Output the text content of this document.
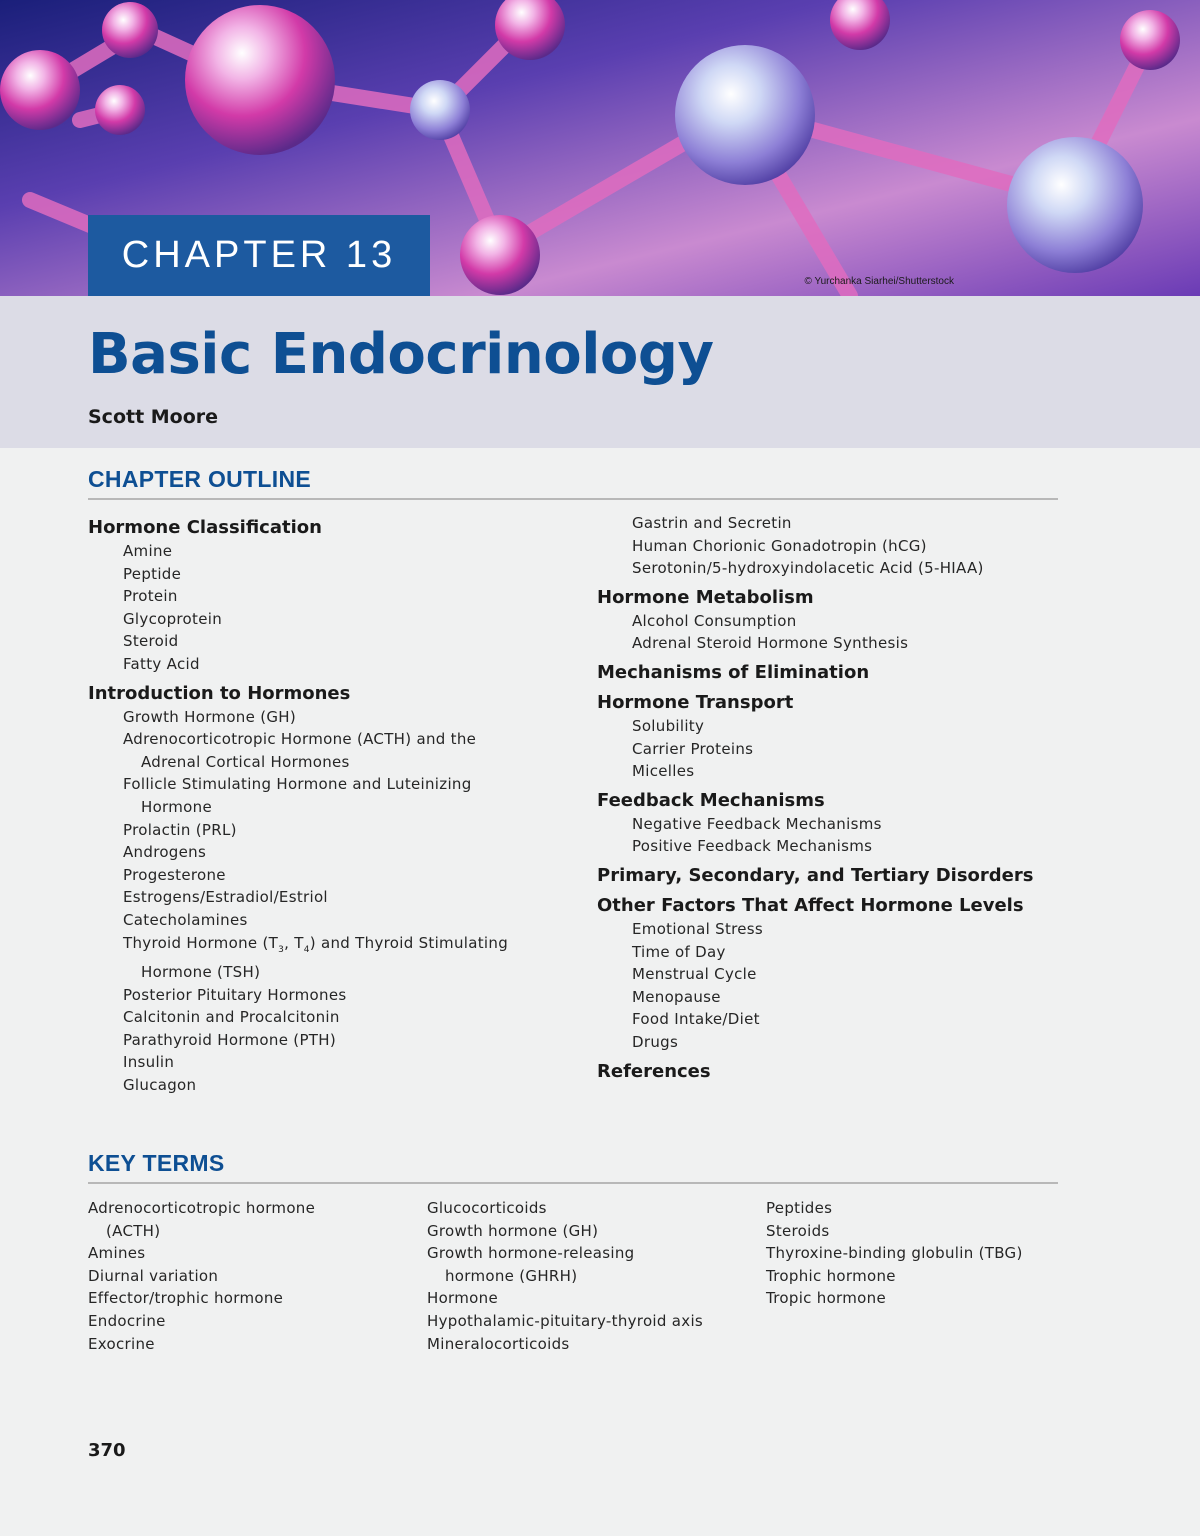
CHAPTER 13
© Yurchanka Siarhei/Shutterstock
Basic Endocrinology
Scott Moore
CHAPTER OUTLINE
Hormone Classification
Amine
Peptide
Protein
Glycoprotein
Steroid
Fatty Acid
Introduction to Hormones
Growth Hormone (GH)
Adrenocorticotropic Hormone (ACTH) and the
Adrenal Cortical Hormones
Follicle Stimulating Hormone and Luteinizing
Hormone
Prolactin (PRL)
Androgens
Progesterone
Estrogens/Estradiol/Estriol
Catecholamines
Thyroid Hormone ($T_3$, $T_4$) and Thyroid Stimulating
Hormone (TSH)
Posterior Pituitary Hormones
Calcitonin and Procalcitonin
Parathyroid Hormone (PTH)
Insulin
Glucagon
Gastrin and Secretin
Human Chorionic Gonadotropin (hCG)
Serotonin/5-hydroxyindolacetic Acid (5-HIAA)
Hormone Metabolism
Alcohol Consumption
Adrenal Steroid Hormone Synthesis
Mechanisms of Elimination
Hormone Transport
Solubility
Carrier Proteins
Micelles
Feedback Mechanisms
Negative Feedback Mechanisms
Positive Feedback Mechanisms
Primary, Secondary, and Tertiary Disorders
Other Factors That Affect Hormone Levels
Emotional Stress
Time of Day
Menstrual Cycle
Menopause
Food Intake/Diet
Drugs
References
KEY TERMS
Adrenocorticotropic hormone
(ACTH)
Amines
Diurnal variation
Effector/trophic hormone
Endocrine
Exocrine
Glucocorticoids
Growth hormone (GH)
Growth hormone-releasing
hormone (GHRH)
Hormone
Hypothalamic-pituitary-thyroid axis
Mineralocorticoids
Peptides
Steroids
Thyroxine-binding globulin (TBG)
Trophic hormone
Tropic hormone
370
